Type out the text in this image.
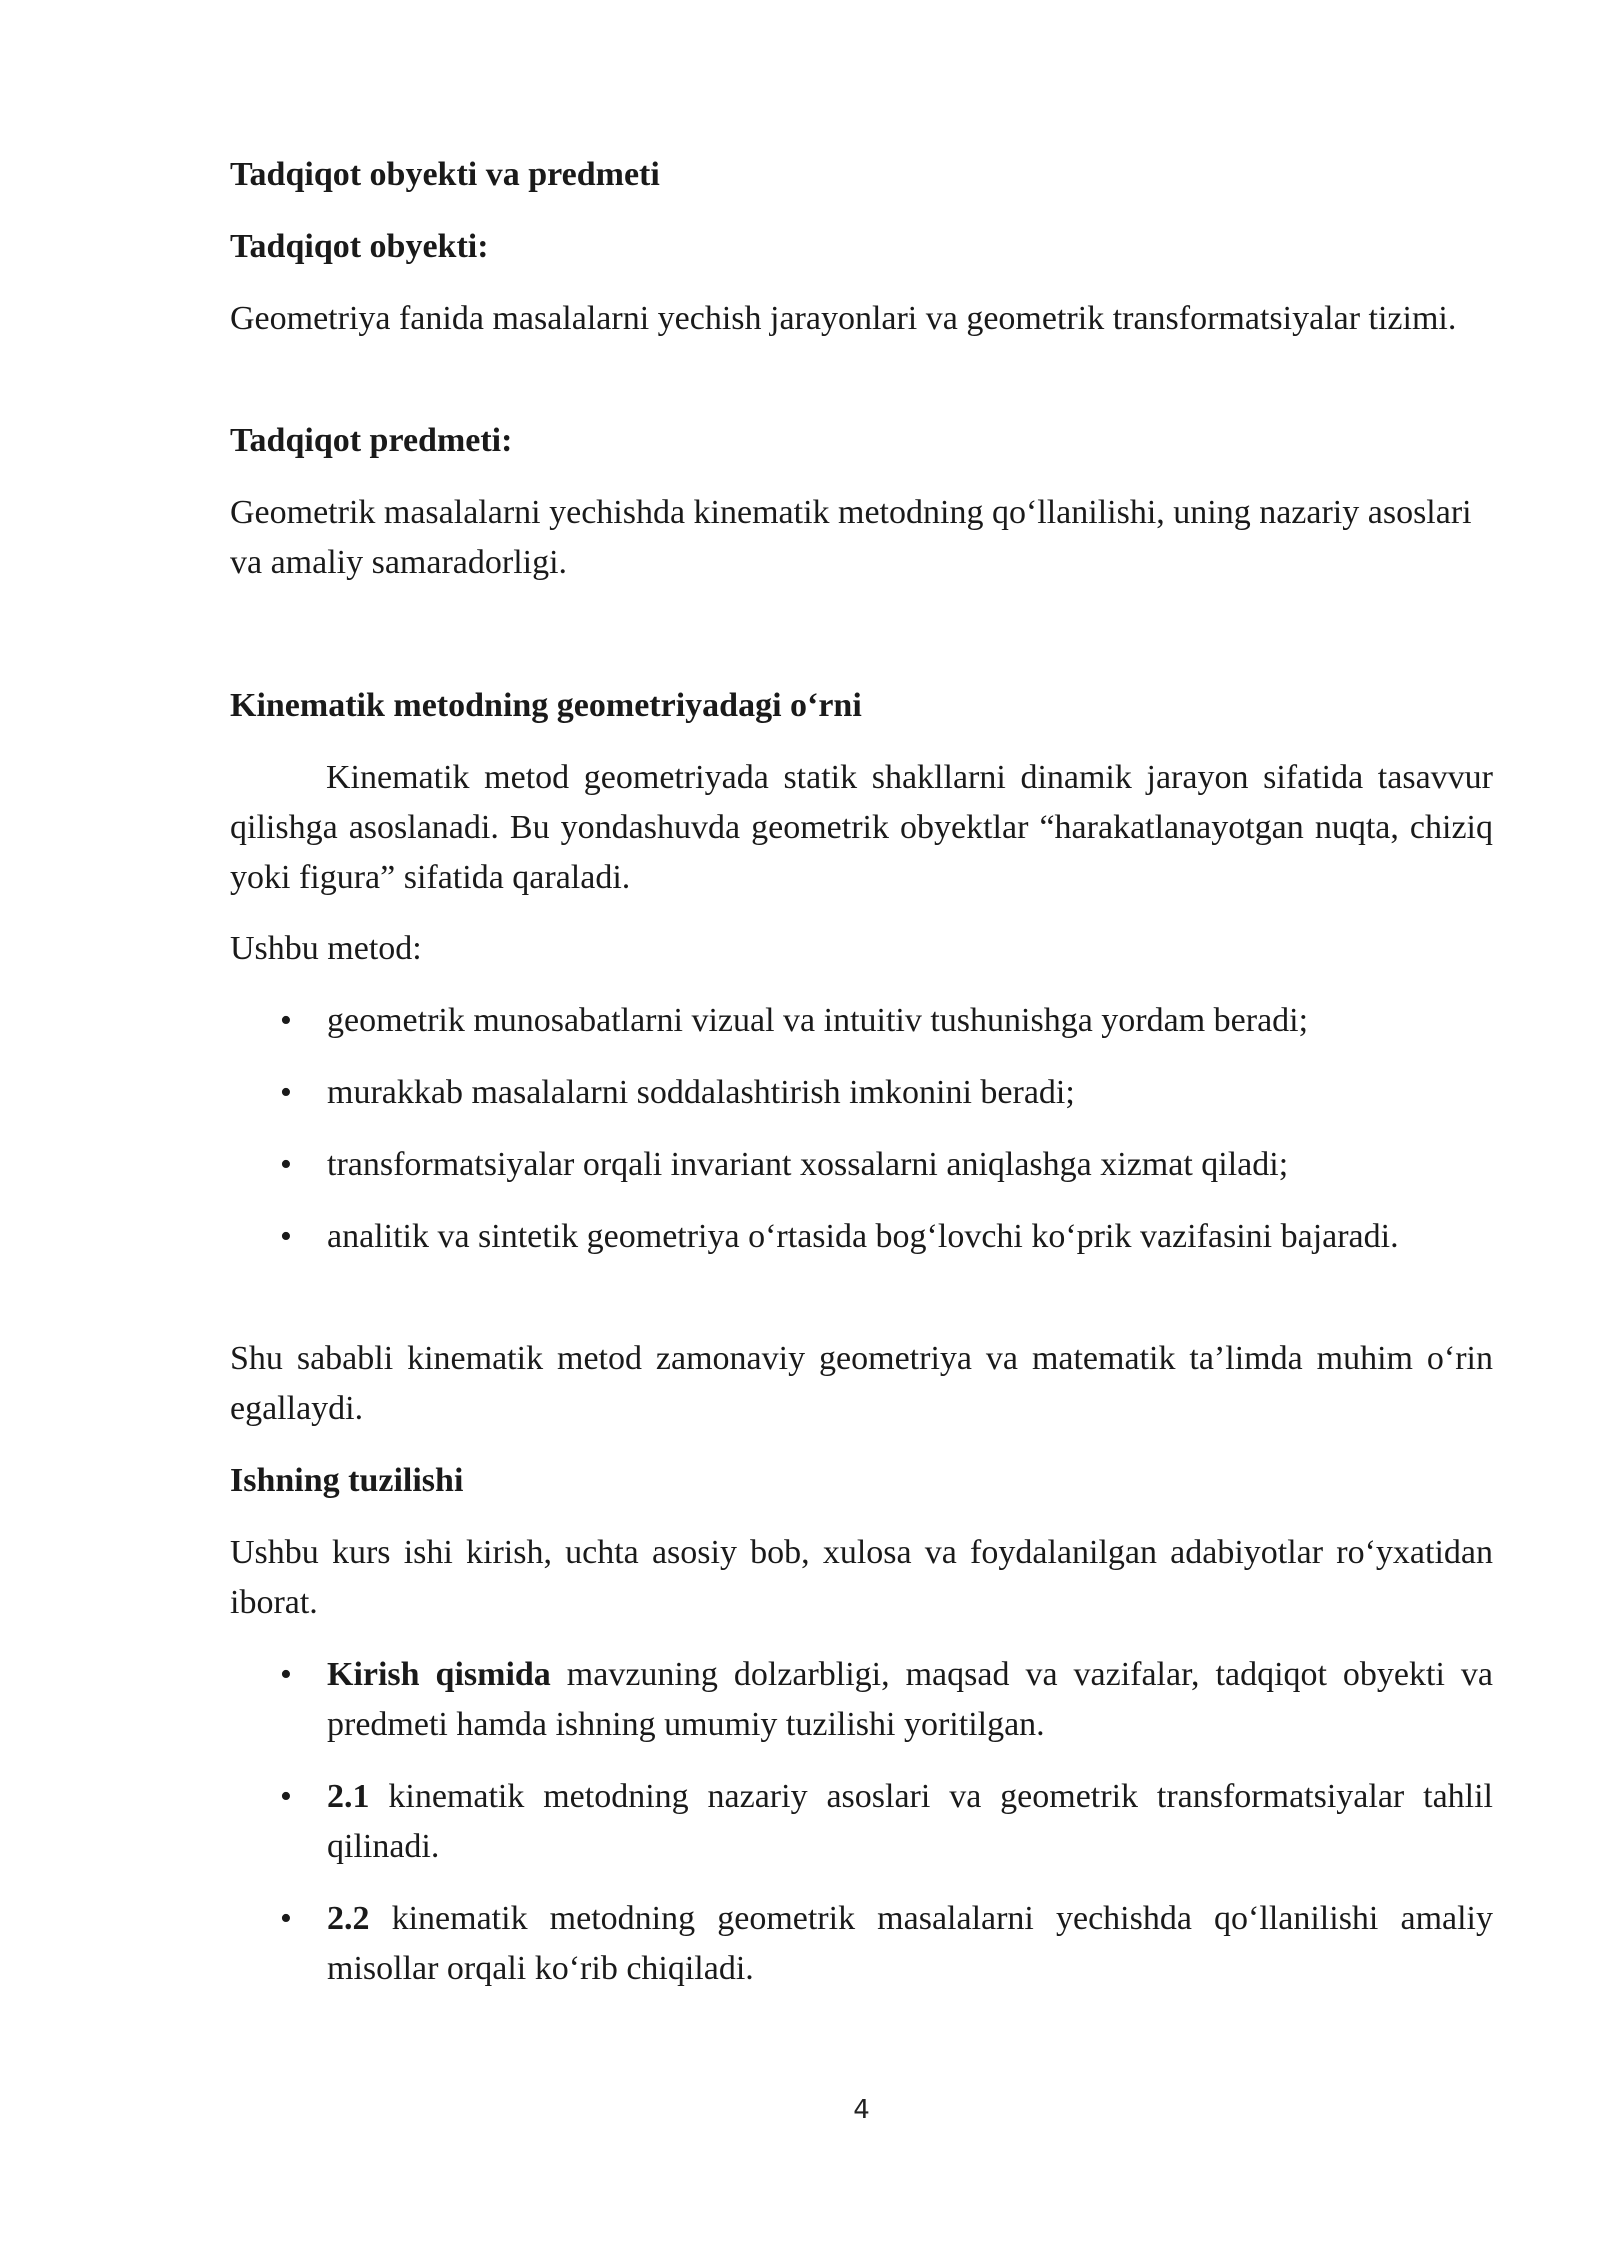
Tadqiqot obyekti va predmeti

Tadqiqot obyekti:

Geometriya fanida masalalarni yechish jarayonlari va geometrik transformatsiyalar tizimi.

Tadqiqot predmeti:

Geometrik masalalarni yechishda kinematik metodning qo‘llanilishi, uning nazariy asoslari va amaliy samaradorligi.

Kinematik metodning geometriyadagi o‘rni

Kinematik metod geometriyada statik shakllarni dinamik jarayon sifatida tasavvur qilishga asoslanadi. Bu yondashuvda geometrik obyektlar “harakatlanayotgan nuqta, chiziq yoki figura” sifatida qaraladi.

Ushbu metod:

• geometrik munosabatlarni vizual va intuitiv tushunishga yordam beradi;
• murakkab masalalarni soddalashtirish imkonini beradi;
• transformatsiyalar orqali invariant xossalarni aniqlashga xizmat qiladi;
• analitik va sintetik geometriya o‘rtasida bog‘lovchi ko‘prik vazifasini bajaradi.

Shu sababli kinematik metod zamonaviy geometriya va matematik ta’limda muhim o‘rin egallaydi.

Ishning tuzilishi

Ushbu kurs ishi kirish, uchta asosiy bob, xulosa va foydalanilgan adabiyotlar ro‘yxatidan iborat.

• Kirish qismida mavzuning dolzarbligi, maqsad va vazifalar, tadqiqot obyekti va predmeti hamda ishning umumiy tuzilishi yoritilgan.
• 2.1 kinematik metodning nazariy asoslari va geometrik transformatsiyalar tahlil qilinadi.
• 2.2 kinematik metodning geometrik masalalarni yechishda qo‘llanilishi amaliy misollar orqali ko‘rib chiqiladi.
4
